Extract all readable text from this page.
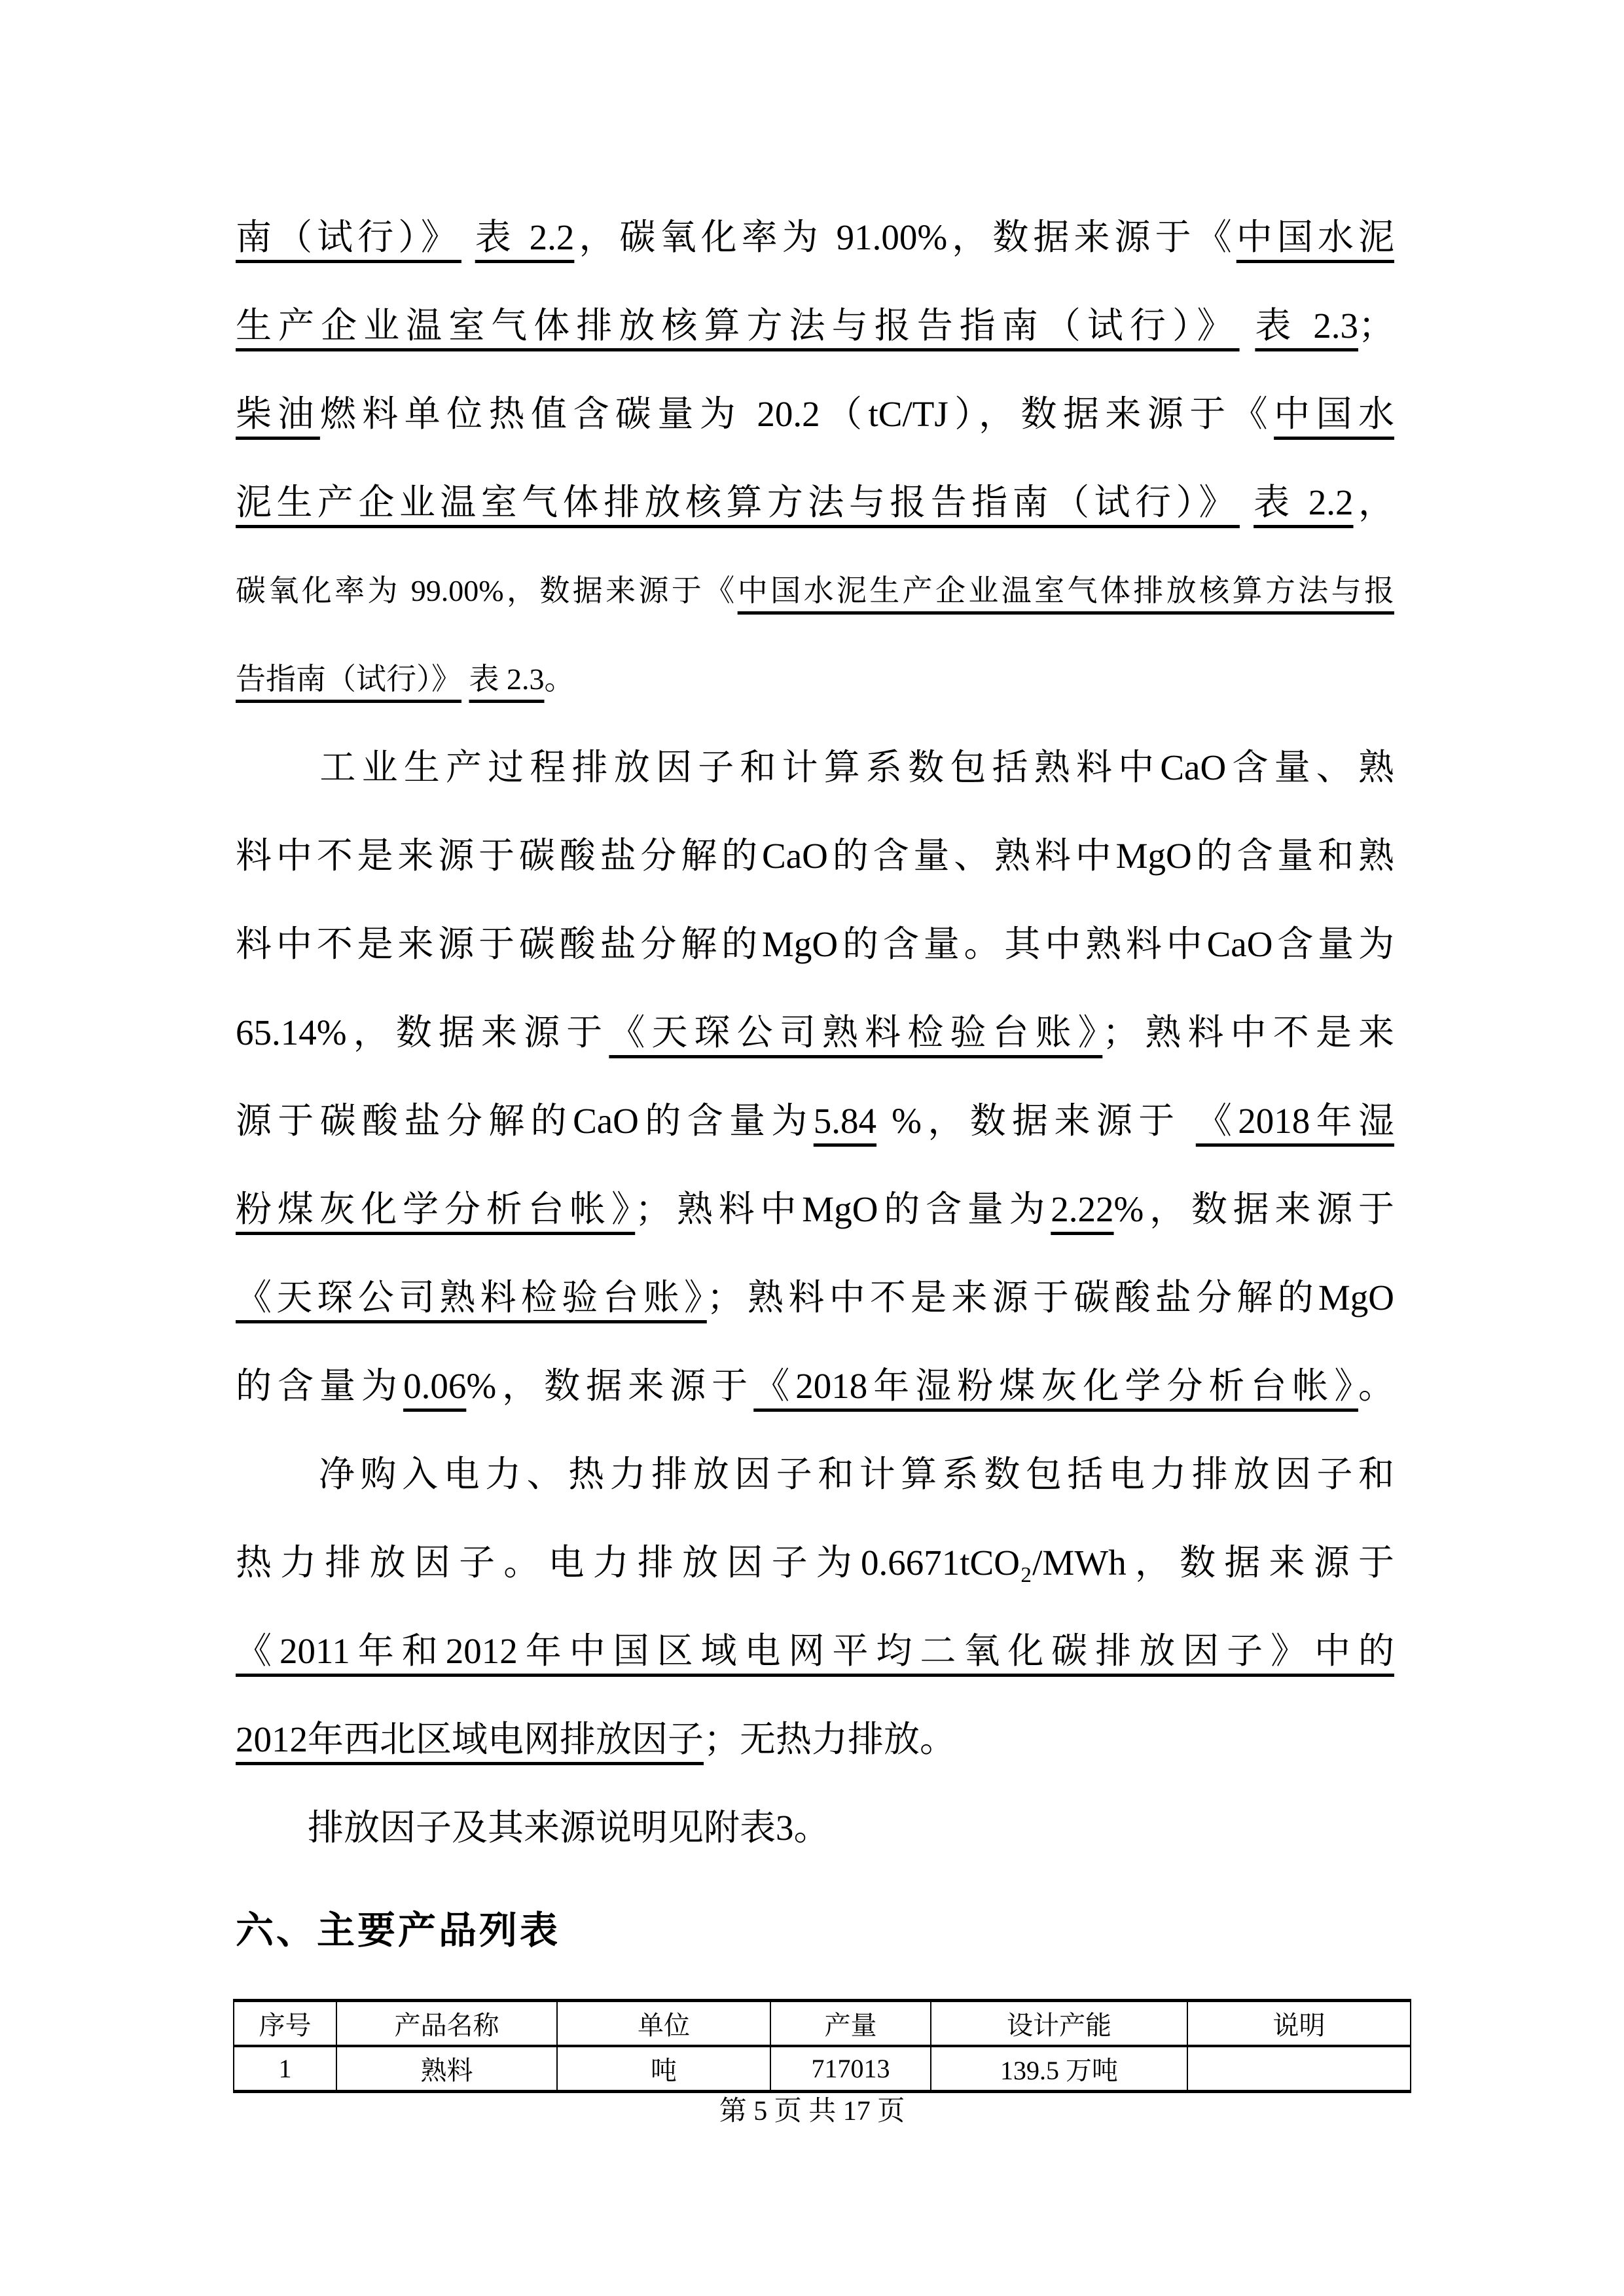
南（试行）》 表 2.2，碳氧化率为 91.00%，数据来源于《中国水泥
生产企业温室气体排放核算方法与报告指南（试行）》 表 2.3；
柴油燃料单位热值含碳量为 20.2（tC/TJ），数据来源于《中国水
泥生产企业温室气体排放核算方法与报告指南（试行）》 表 2.2，
碳氧化率为 99.00%，数据来源于《中国水泥生产企业温室气体排放核算方法与报
告指南（试行）》 表 2.3。
　　工业生产过程排放因子和计算系数包括熟料中CaO含量、熟
料中不是来源于碳酸盐分解的CaO的含量、熟料中MgO的含量和熟
料中不是来源于碳酸盐分解的MgO的含量。其中熟料中CaO含量为
65.14%，数据来源于《天琛公司熟料检验台账》；熟料中不是来
源于碳酸盐分解的CaO的含量为5.84 %，数据来源于 《2018年湿
粉煤灰化学分析台帐》；熟料中MgO的含量为2.22%，数据来源于
《天琛公司熟料检验台账》；熟料中不是来源于碳酸盐分解的MgO
的含量为0.06%，数据来源于《2018年湿粉煤灰化学分析台帐》。
　　净购入电力、热力排放因子和计算系数包括电力排放因子和
热力排放因子。电力排放因子为0.6671tCO₂/MWh，数据来源于
《2011年和2012年中国区域电网平均二氧化碳排放因子》中的
2012年西北区域电网排放因子；无热力排放。
　　排放因子及其来源说明见附表3。
六、主要产品列表
序号	产品名称	单位	产量	设计产能	说明
1	熟料	吨	717013	139.5 万吨	
第 5 页 共 17 页
